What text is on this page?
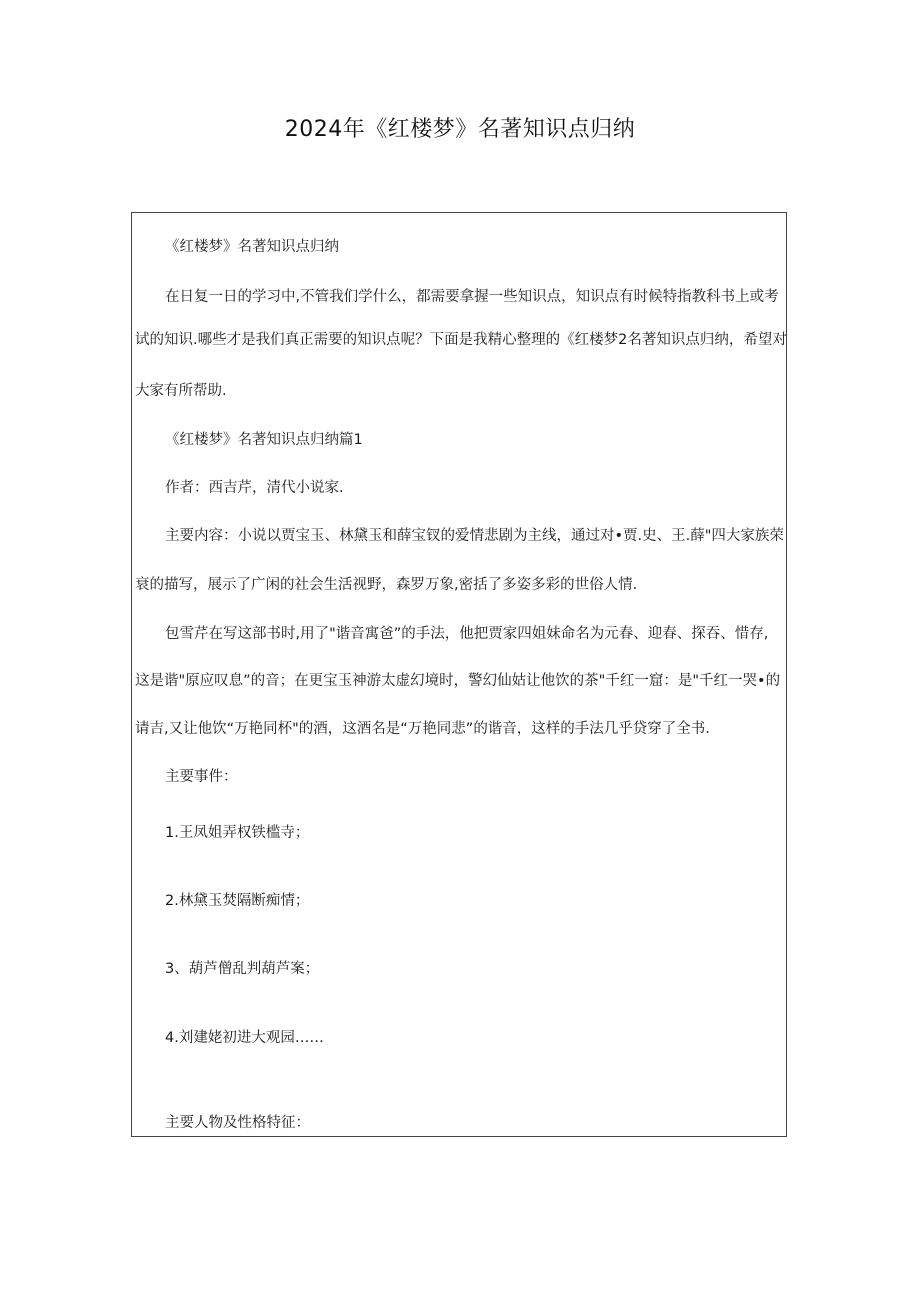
2024年《红楼梦》名著知识点归纳
《红楼梦》名著知识点归纳
在日复一日的学习中,不管我们学什么，都需要拿握一些知识点，知识点有时候特指教科书上或考
试的知识.哪些才是我们真正需要的知识点呢？下面是我精心整理的《红楼梦2名著知识点归纳，希望对
大家有所帮助.
《红楼梦》名著知识点归纳篇1
作者：西吉芹，清代小说家.
主要内容：小说以贾宝玉、林黛玉和薛宝钗的爱情悲剧为主线，通过对•贾.史、王.薛"四大家族荣
衰的描写，展示了广闲的社会生活视野，森罗万象,密括了多姿多彩的世俗人情.
包雪芹在写这部书时,用了"谐音寓爸”的手法，他把贾家四姐妹命名为元春、迎春、探吞、惜存,
这是谐"原应叹息”的音；在更宝玉神游太虚幻境时，警幻仙姑让他饮的茶"千红一窟：是"千红一哭•的
请吉,又让他饮“万艳同杯"的酒，这酒名是“万艳同悲”的谐音，这样的手法几乎贷穿了全书.
主要事件：
1.王凤姐弄权铁槛寺；
2.林黛玉焚隔断痴情；
3、葫芦僧乱判葫芦案；
4.刘建姥初进大观园……
主要人物及性格特征：
